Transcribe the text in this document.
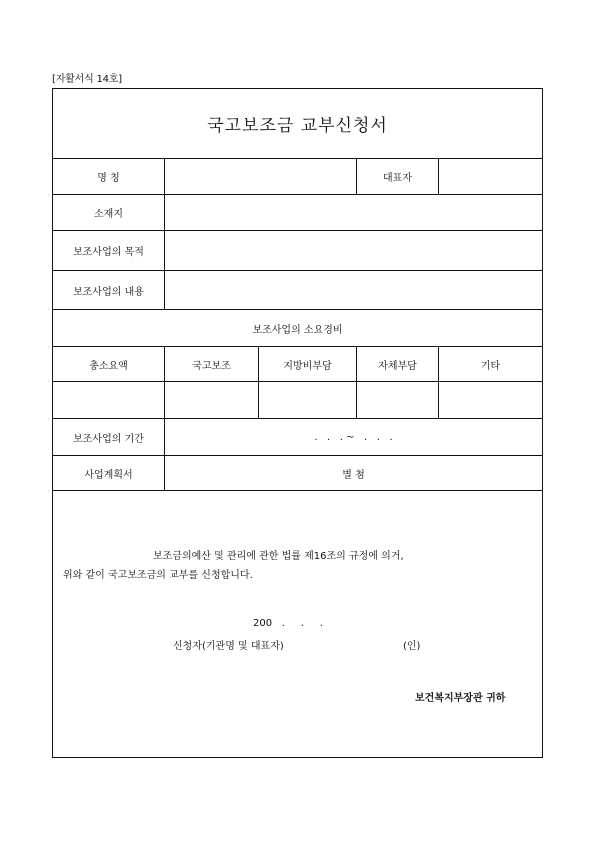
[자활서식 14호]
국고보조금 교부신청서
명 칭	대표자
소재지
보조사업의 목적
보조사업의 내용
보조사업의 소요경비
총소요액	국고보조	지방비부담	자체부담	기타
보조사업의 기간	.   .   . ~   .   .   .
사업계획서	별 첨
보조금의예산 및 관리에 관한 법률 제16조의 규정에 의거,
위와 같이 국고보조금의 교부를 신청합니다.
200   .     .     .
신청자(기관명 및 대표자)	(인)
보건복지부장관 귀하
